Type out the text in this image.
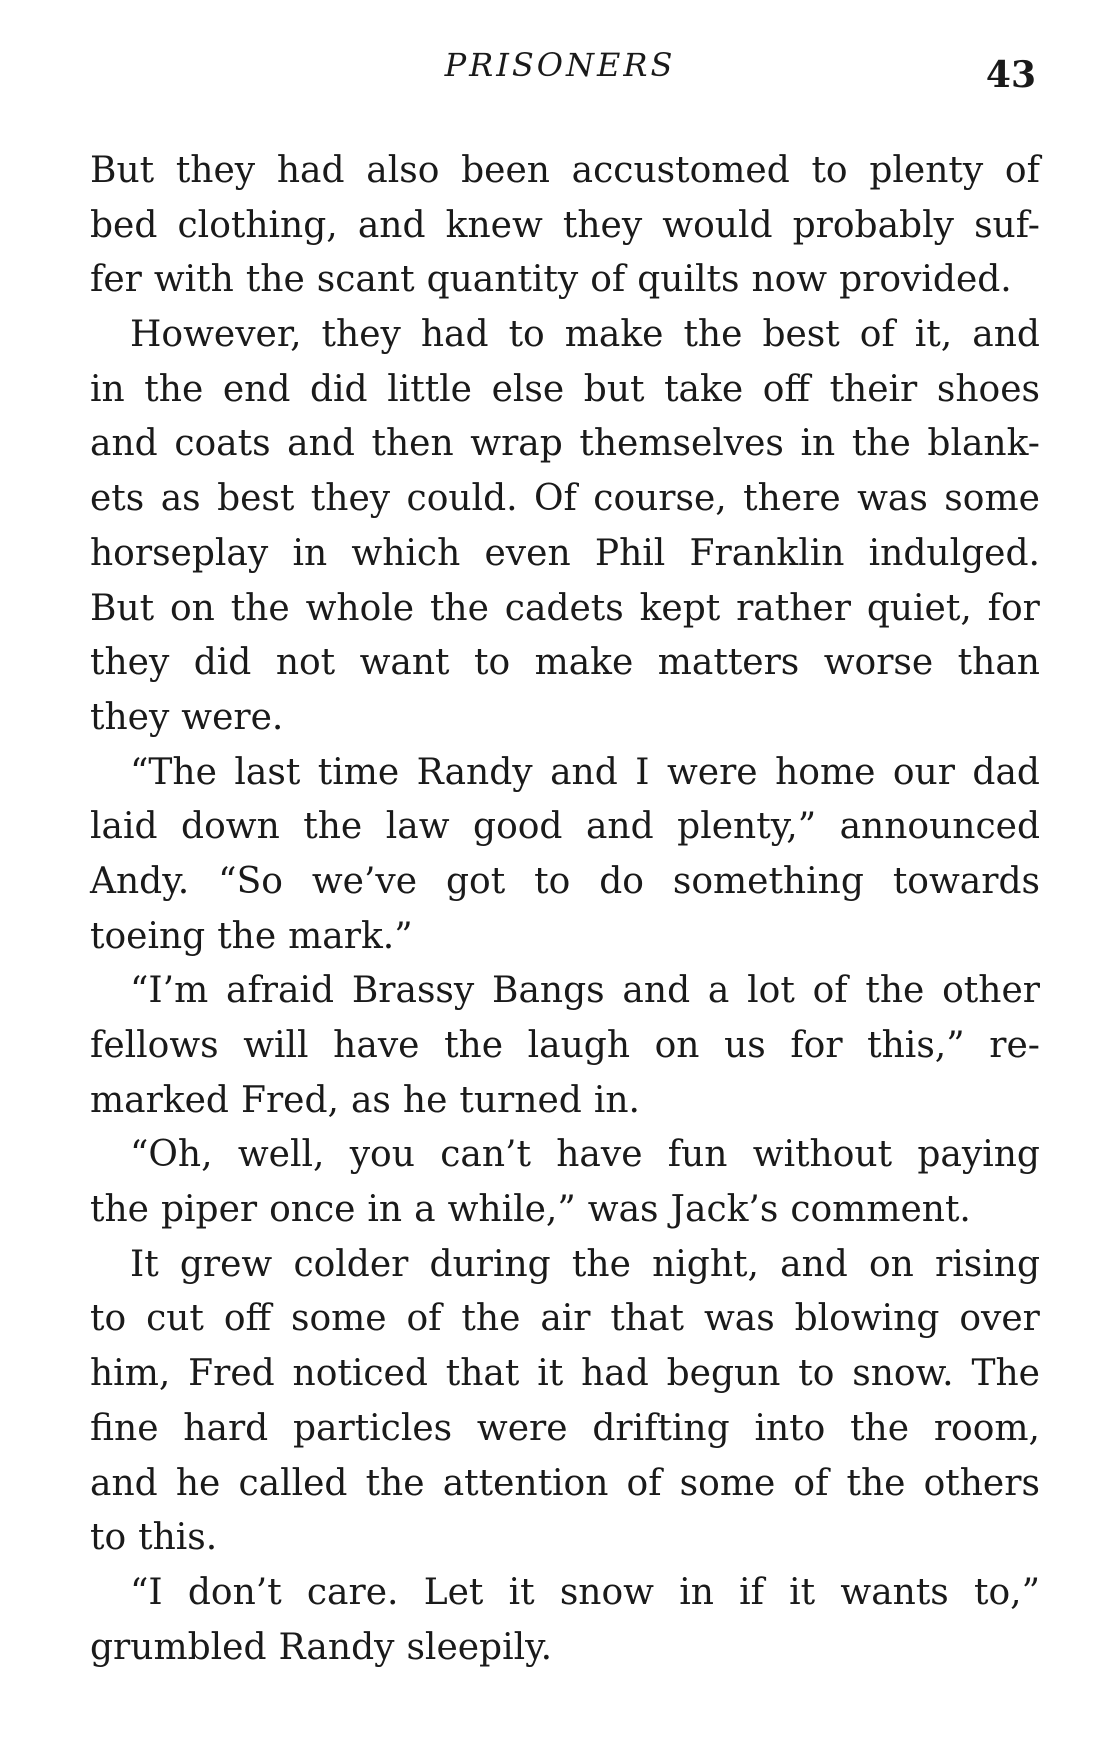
PRISONERS	43
But they had also been accustomed to plenty of
bed clothing, and knew they would probably suf-
fer with the scant quantity of quilts now provided.
However, they had to make the best of it, and
in the end did little else but take off their shoes
and coats and then wrap themselves in the blank-
ets as best they could. Of course, there was some
horseplay in which even Phil Franklin indulged.
But on the whole the cadets kept rather quiet, for
they did not want to make matters worse than
they were.
“The last time Randy and I were home our dad
laid down the law good and plenty,” announced
Andy. “So we’ve got to do something towards
toeing the mark.”
“I’m afraid Brassy Bangs and a lot of the other
fellows will have the laugh on us for this,” re-
marked Fred, as he turned in.
“Oh, well, you can’t have fun without paying
the piper once in a while,” was Jack’s comment.
It grew colder during the night, and on rising
to cut off some of the air that was blowing over
him, Fred noticed that it had begun to snow. The
fine hard particles were drifting into the room,
and he called the attention of some of the others
to this.
“I don’t care. Let it snow in if it wants to,”
grumbled Randy sleepily.
